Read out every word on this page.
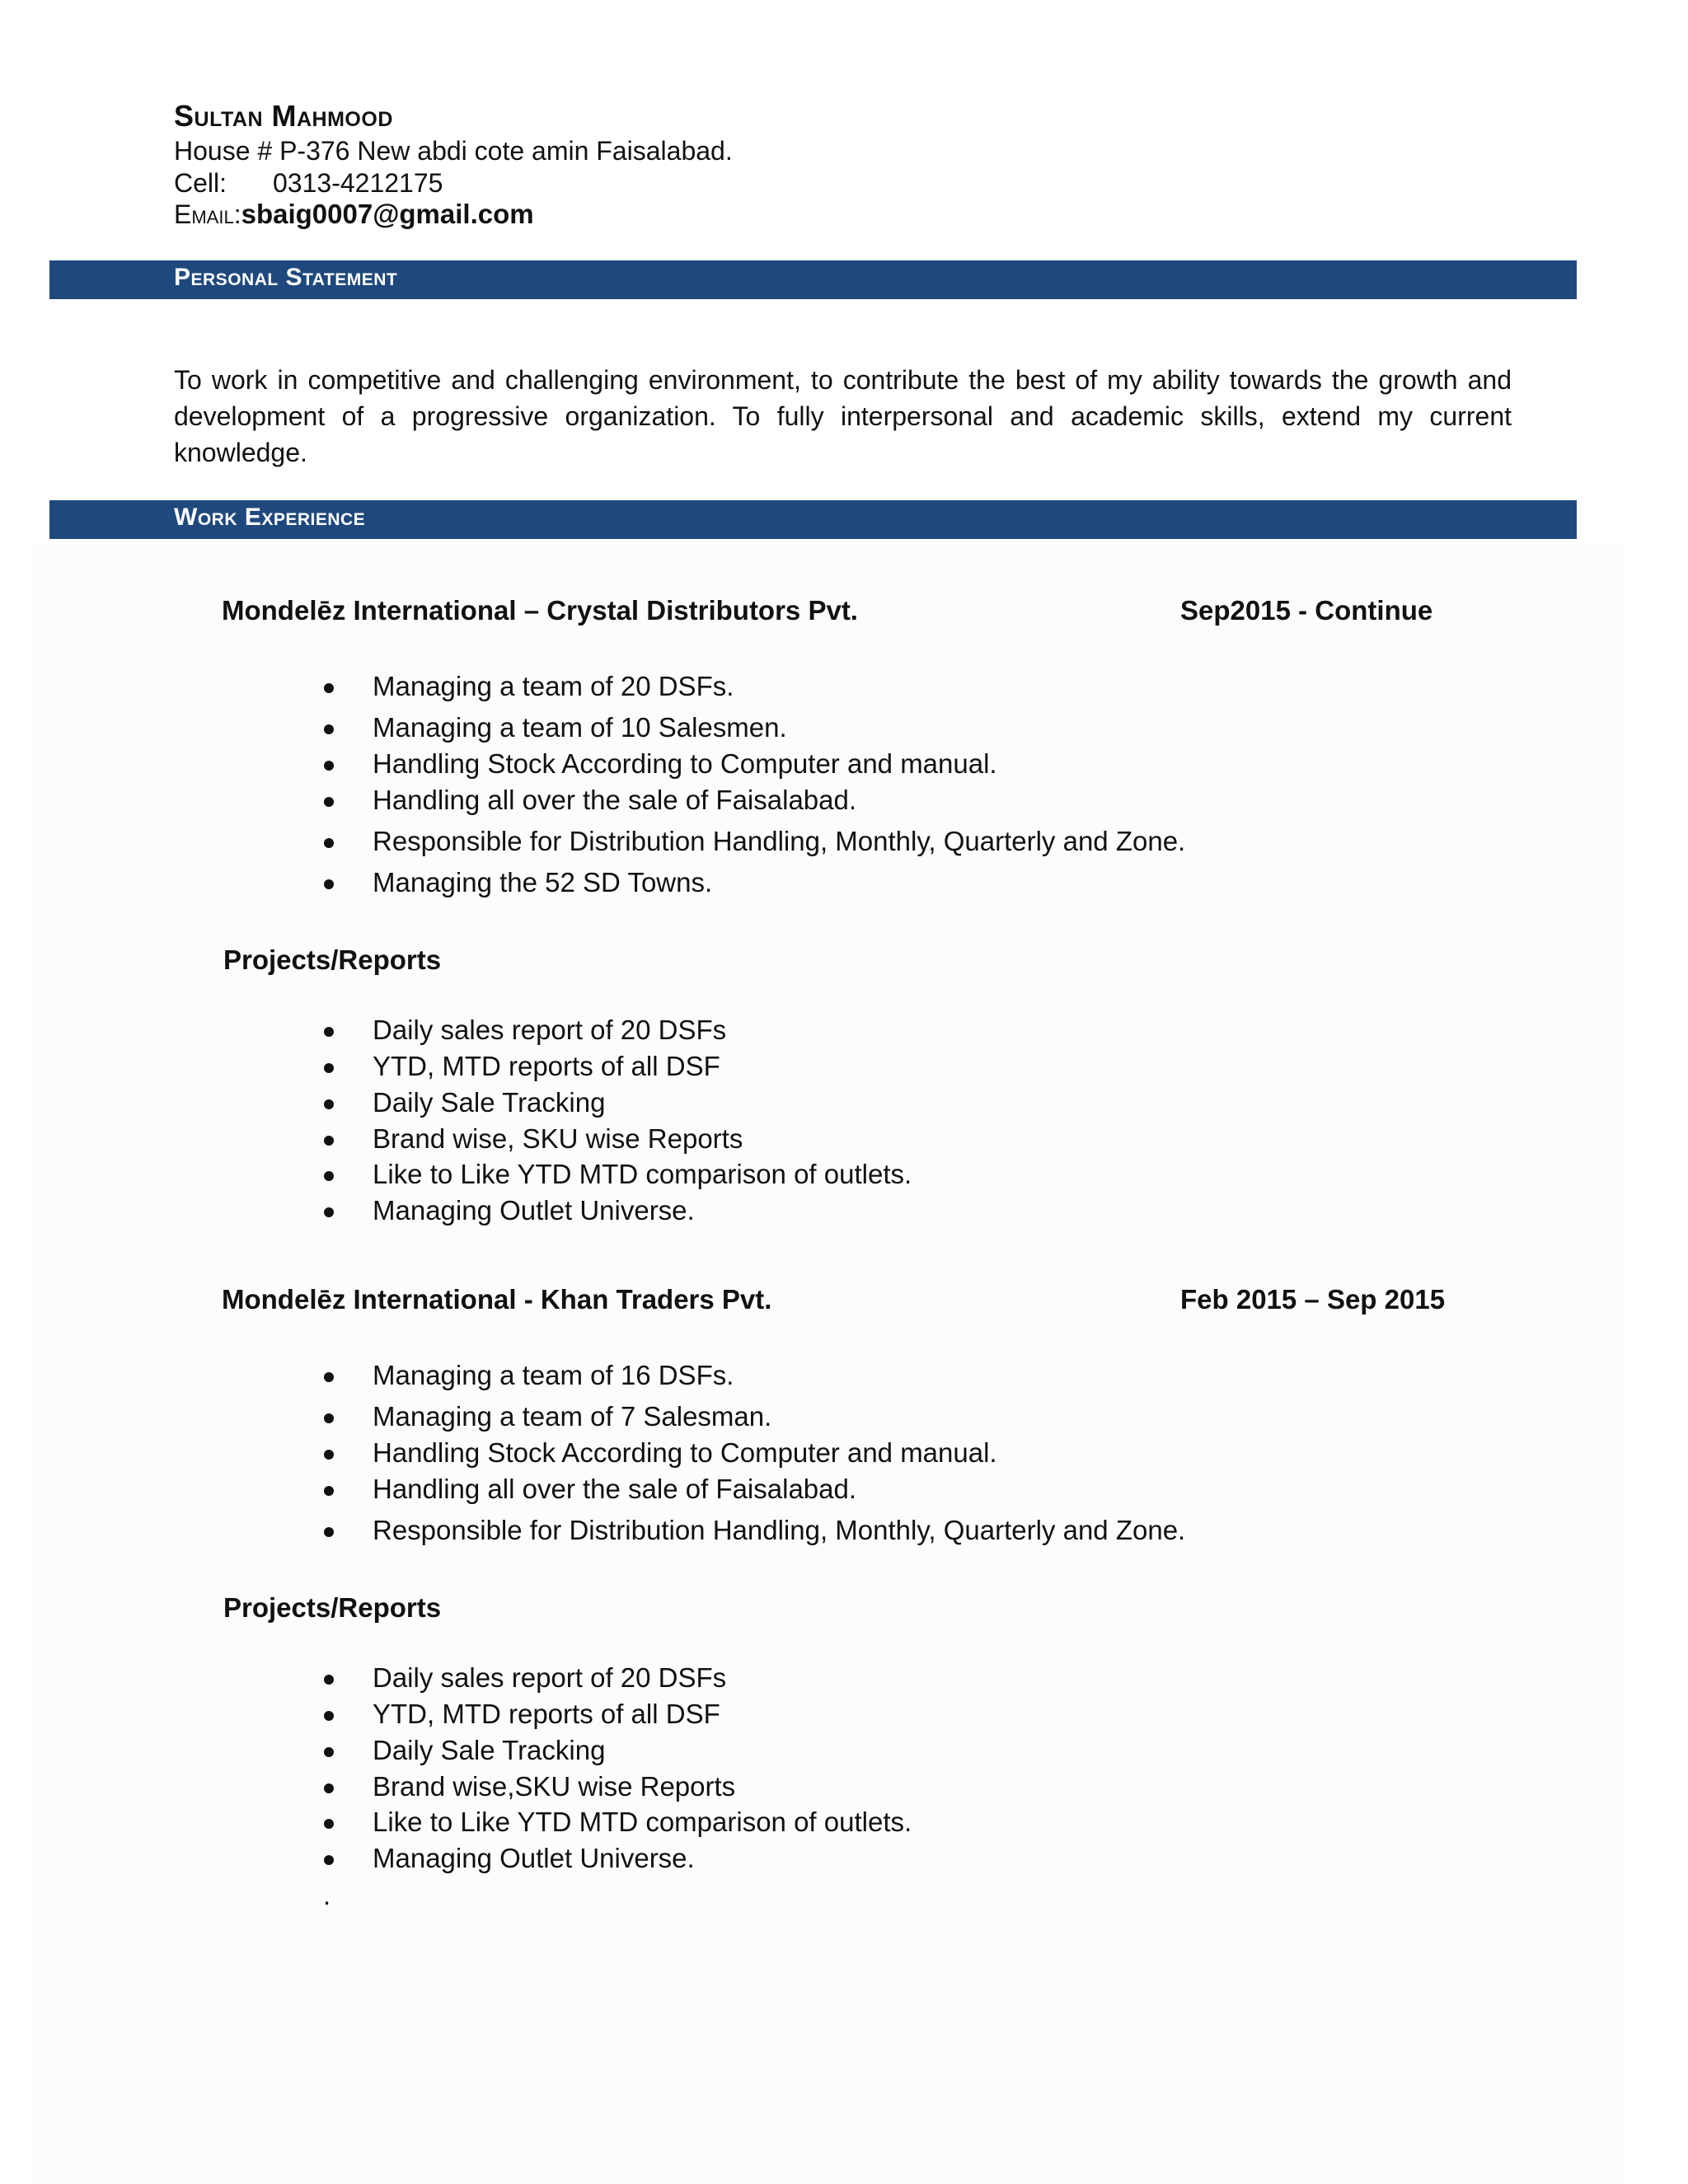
Sultan Mahmood
House # P-376 New abdi cote amin Faisalabad.
Cell: 0313-4212175
Email:sbaig0007@gmail.com
Personal Statement
To work in competitive and challenging environment, to contribute the best of my ability towards the growth and development of a progressive organization. To fully interpersonal and academic skills, extend my current knowledge.
Work Experience
Mondelēz International – Crystal Distributors Pvt.	Sep2015 - Continue
Managing a team of 20 DSFs.
Managing a team of 10 Salesmen.
Handling Stock According to Computer and manual.
Handling all over the sale of Faisalabad.
Responsible for Distribution Handling, Monthly, Quarterly and Zone.
Managing the 52 SD Towns.
Projects/Reports
Daily sales report of 20 DSFs
YTD, MTD reports of all DSF
Daily Sale Tracking
Brand wise, SKU wise Reports
Like to Like YTD MTD comparison of outlets.
Managing Outlet Universe.
Mondelēz International - Khan Traders Pvt.	Feb 2015 – Sep 2015
Managing a team of 16 DSFs.
Managing a team of 7 Salesman.
Handling Stock According to Computer and manual.
Handling all over the sale of Faisalabad.
Responsible for Distribution Handling, Monthly, Quarterly and Zone.
Projects/Reports
Daily sales report of 20 DSFs
YTD, MTD reports of all DSF
Daily Sale Tracking
Brand wise,SKU wise Reports
Like to Like YTD MTD comparison of outlets.
Managing Outlet Universe.
.
